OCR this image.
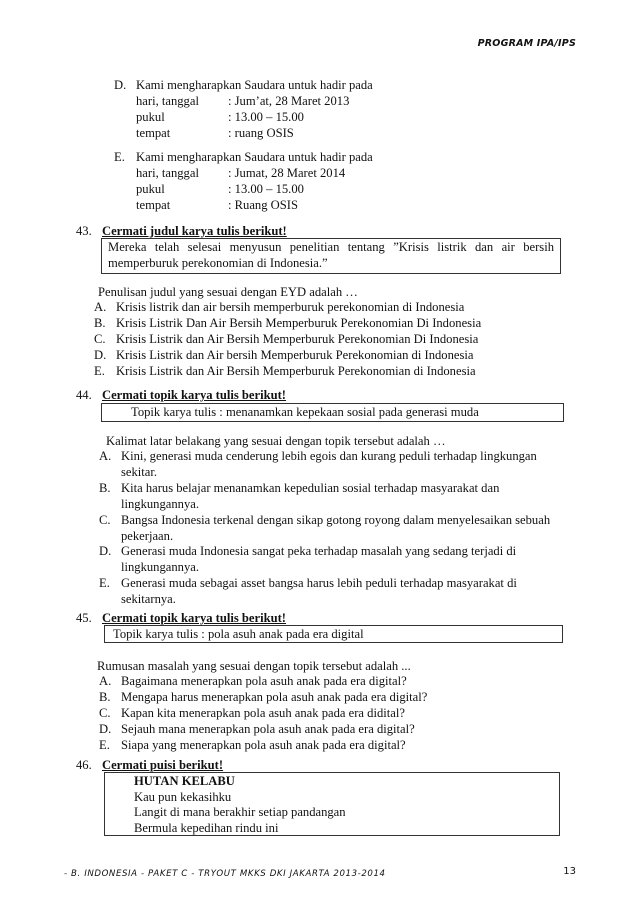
PROGRAM IPA/IPS
D. Kami mengharapkan Saudara untuk hadir pada
hari, tanggal : Jum’at, 28 Maret 2013
pukul	: 13.00 – 15.00
tempat	: ruang OSIS
E. Kami mengharapkan Saudara untuk hadir pada
hari, tanggal : Jumat, 28 Maret 2014
pukul	: 13.00 – 15.00
tempat	: Ruang OSIS
43. Cermati judul karya tulis berikut!
Mereka telah selesai menyusun penelitian tentang ”Krisis listrik dan air bersih
memperburuk perekonomian di Indonesia.”
Penulisan judul yang sesuai dengan EYD adalah …
A. Krisis listrik dan air bersih memperburuk perekonomian di Indonesia
B. Krisis Listrik Dan Air Bersih Memperburuk Perekonomian Di Indonesia
C. Krisis Listrik dan Air Bersih Memperburuk Perekonomian Di Indonesia
D. Krisis Listrik dan Air bersih Memperburuk Perekonomian di Indonesia
E. Krisis Listrik dan Air Bersih Memperburuk Perekonomian di Indonesia
44. Cermati topik karya tulis berikut!
Topik karya tulis : menanamkan kepekaan sosial pada generasi muda
Kalimat latar belakang yang sesuai dengan topik tersebut adalah …
A. Kini, generasi muda cenderung lebih egois dan kurang peduli terhadap lingkungan
sekitar.
B. Kita harus belajar menanamkan kepedulian sosial terhadap masyarakat dan
lingkungannya.
C. Bangsa Indonesia terkenal dengan sikap gotong royong dalam menyelesaikan sebuah
pekerjaan.
D. Generasi muda Indonesia sangat peka terhadap masalah yang sedang terjadi di
lingkungannya.
E. Generasi muda sebagai asset bangsa harus lebih peduli terhadap masyarakat di
sekitarnya.
45. Cermati topik karya tulis berikut!
Topik karya tulis : pola asuh anak pada era digital
Rumusan masalah yang sesuai dengan topik tersebut adalah ...
A. Bagaimana menerapkan pola asuh anak pada era digital?
B. Mengapa harus menerapkan pola asuh anak pada era digital?
C. Kapan kita menerapkan pola asuh anak pada era didital?
D. Sejauh mana menerapkan pola asuh anak pada era digital?
E. Siapa yang menerapkan pola asuh anak pada era digital?
46. Cermati puisi berikut!
HUTAN KELABU
Kau pun kekasihku
Langit di mana berakhir setiap pandangan
Bermula kepedihan rindu ini
- B. INDONESIA - PAKET C - TRYOUT MKKS DKI JAKARTA 2013-2014	13
